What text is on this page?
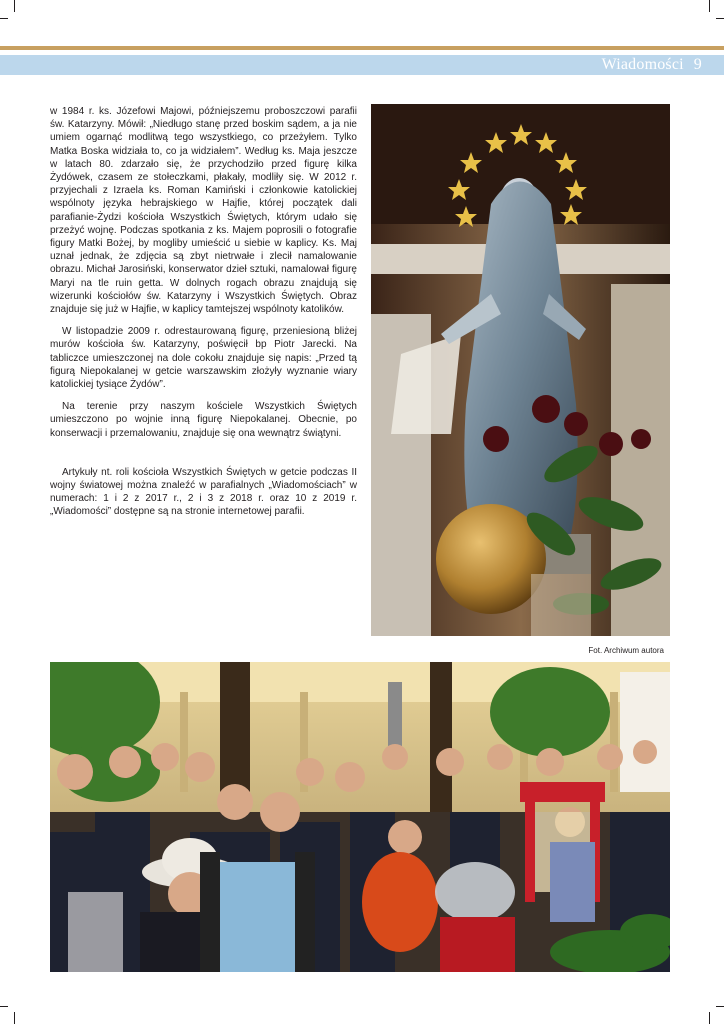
Wiadomości 9

w 1984 r. ks. Józefowi Majowi, późniejszemu proboszczowi parafii św. Katarzyny. Mówił: „Niedługo stanę przed boskim sądem, a ja nie umiem ogarnąć modlitwą tego wszystkiego, co przeżyłem. Tylko Matka Boska widziała to, co ja widziałem”. Według ks. Maja jeszcze w latach 80. zdarzało się, że przychodziło przed figurę kilka Żydówek, czasem ze stołeczkami, płakały, modliły się. W 2012 r. przyjechali z Izraela ks. Roman Kamiński i członkowie katolickiej wspólnoty języka hebrajskiego w Hajfie, której początek dali parafianie-Żydzi kościoła Wszystkich Świętych, którym udało się przeżyć wojnę. Podczas spotkania z ks. Majem poprosili o fotografie figury Matki Bożej, by mogliby umieścić u siebie w kaplicy. Ks. Maj uznał jednak, że zdjęcia są zbyt nietrwałe i zlecił namalowanie obrazu. Michał Jarosiński, konserwator dzieł sztuki, namalował figurę Maryi na tle ruin getta. W dolnych rogach obrazu znajdują się wizerunki kościołów św. Katarzyny i Wszystkich Świętych. Obraz znajduje się już w Hajfie, w kaplicy tamtejszej wspólnoty katolików.

W listopadzie 2009 r. odrestaurowaną figurę, przeniesioną bliżej murów kościoła św. Katarzyny, poświęcił bp Piotr Jarecki. Na tabliczce umieszczonej na dole cokołu znajduje się napis: „Przed tą figurą Niepokalanej w getcie warszawskim złożyły wyznanie wiary katolickiej tysiące Żydów”.

Na terenie przy naszym kościele Wszystkich Świętych umieszczono po wojnie inną figurę Niepokalanej. Obecnie, po konserwacji i przemalowaniu, znajduje się ona wewnątrz świątyni.

Artykuły nt. roli kościoła Wszystkich Świętych w getcie podczas II wojny światowej można znaleźć w parafialnych „Wiadomościach” w numerach: 1 i 2 z 2017 r., 2 i 3 z 2018 r. oraz 10 z 2019 r. „Wiadomości” dostępne są na stronie internetowej parafii.

Fot. Archiwum autora
